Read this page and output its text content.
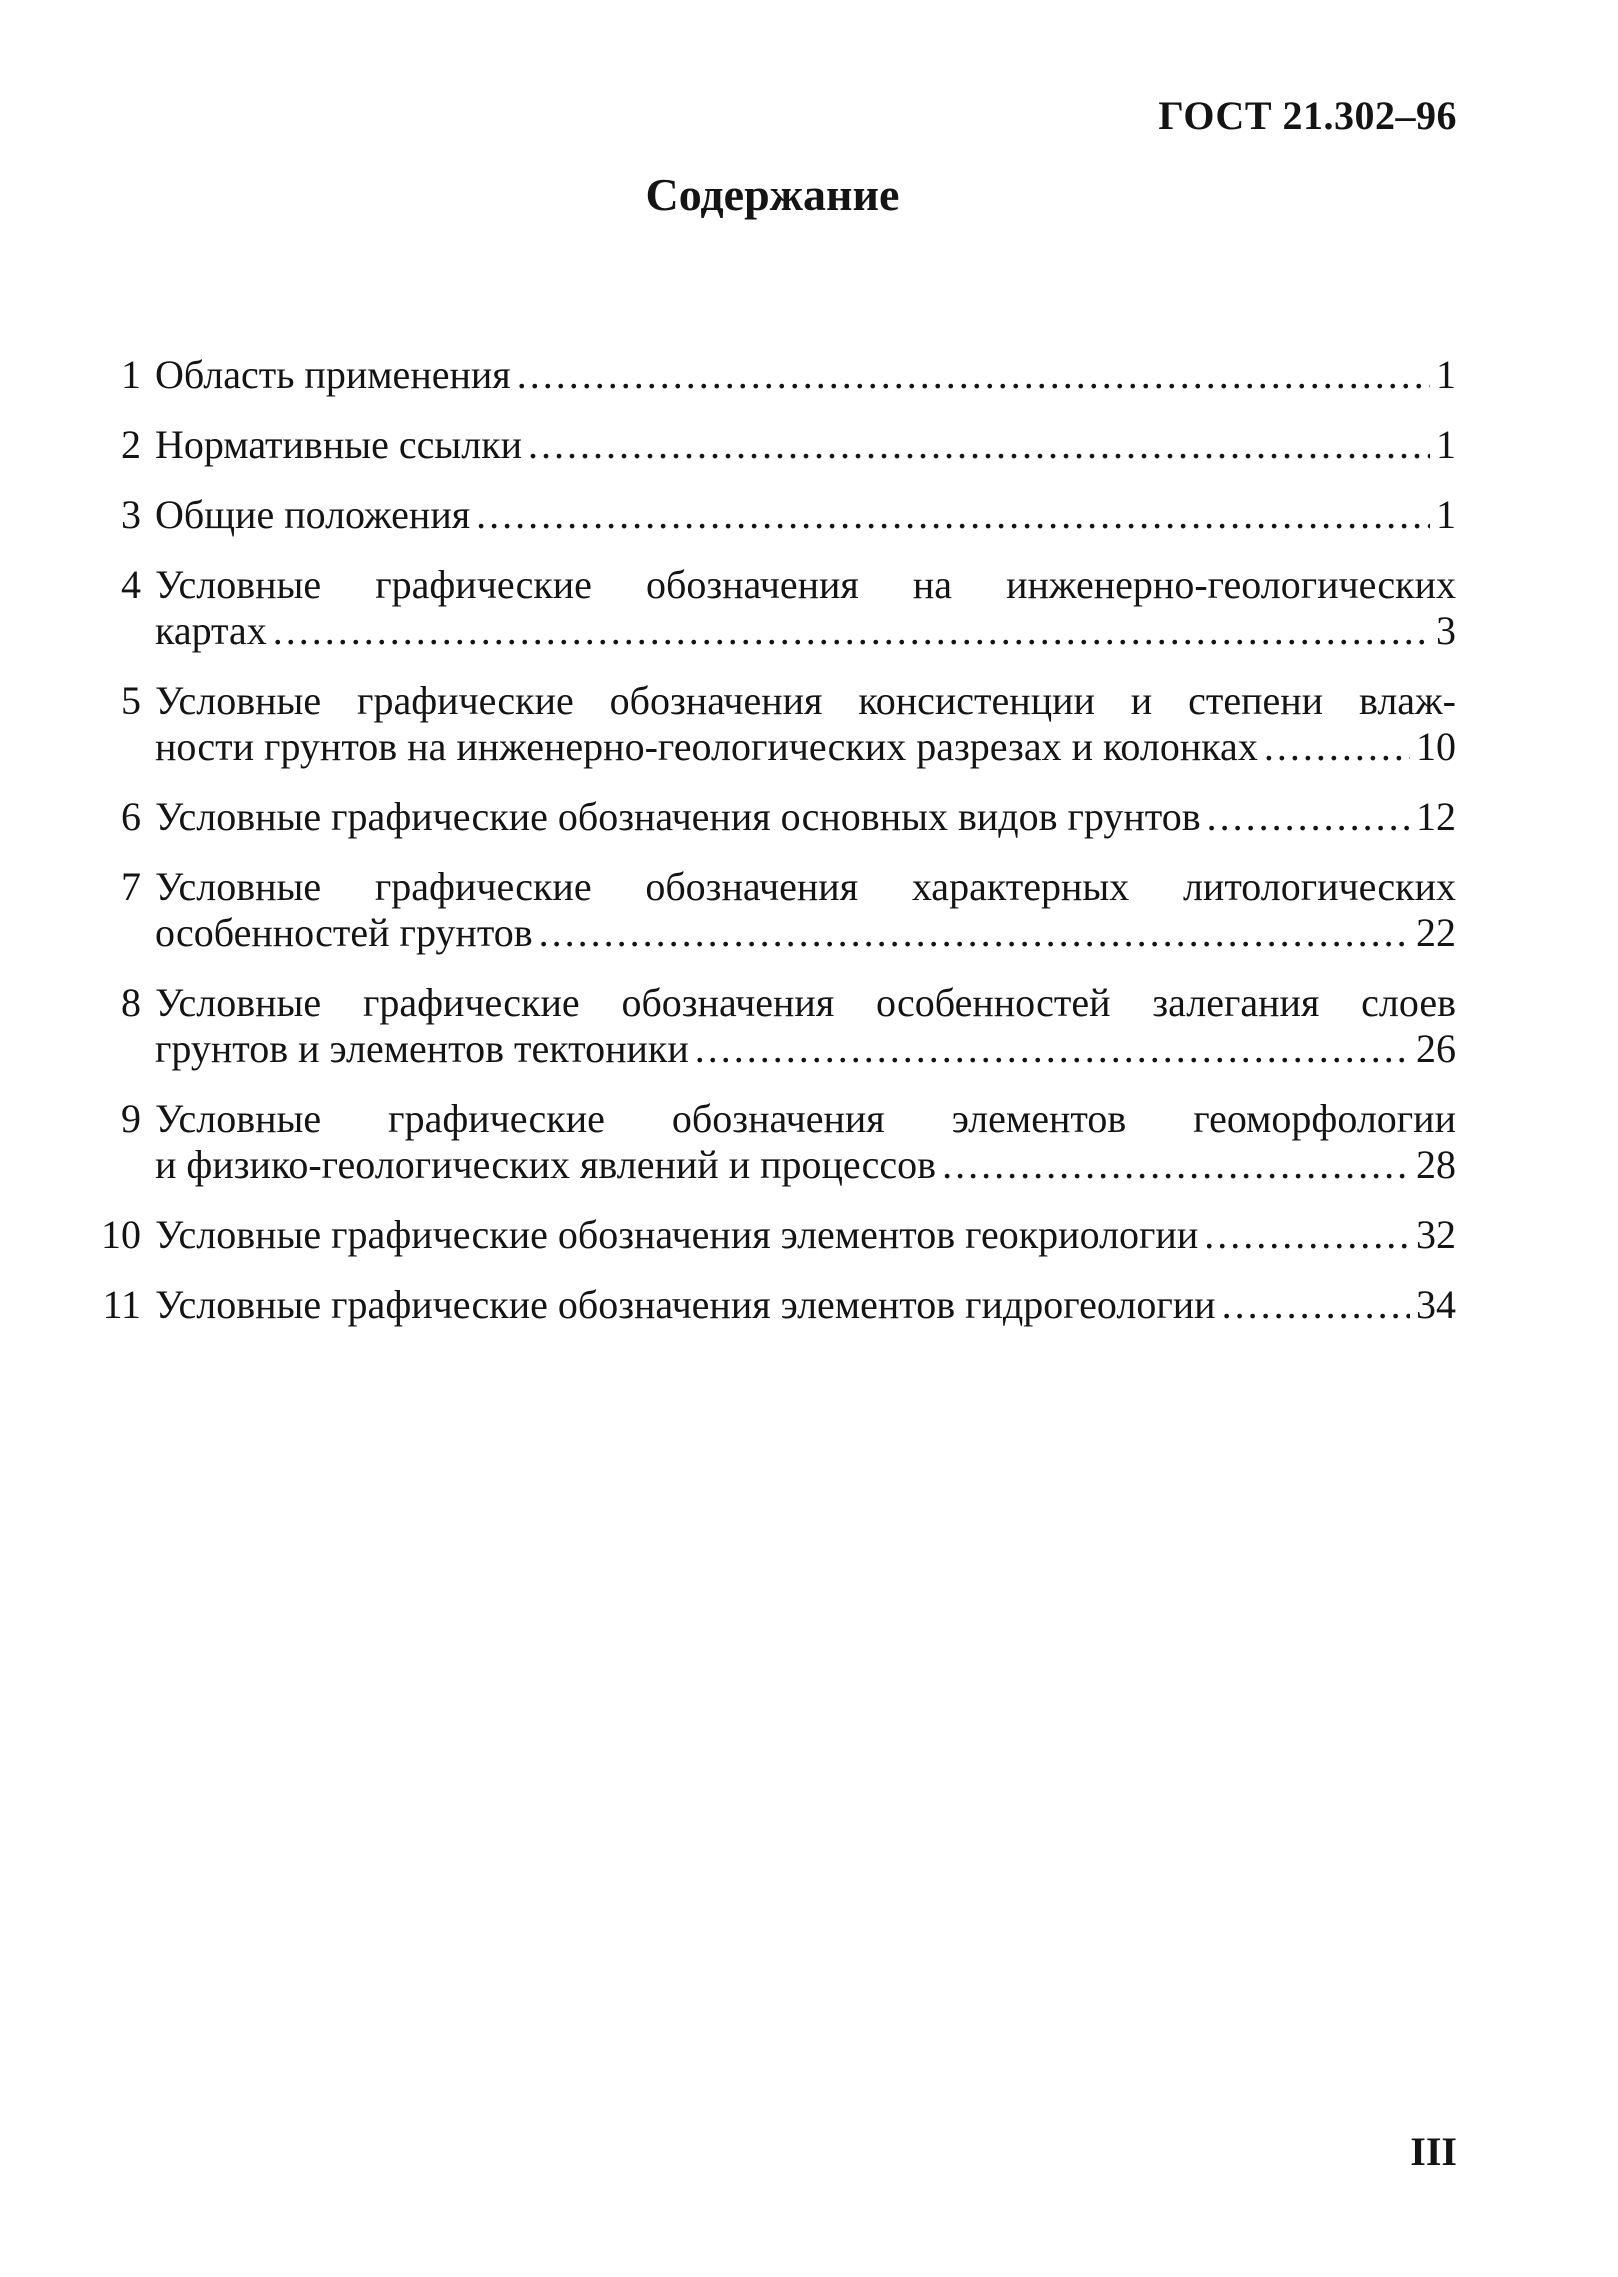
ГОСТ 21.302–96
Содержание
1 Область применения .....	1
2 Нормативные ссылки .....	1
3 Общие положения .....	1
4 Условные графические обозначения на инженерно-геологических
картах .....	3
5 Условные графические обозначения консистенции и степени влаж-
ности грунтов на инженерно-геологических разрезах и колонках .....	10
6 Условные графические обозначения основных видов грунтов .....	12
7 Условные графические обозначения характерных литологических
особенностей грунтов .....	22
8 Условные графические обозначения особенностей залегания слоев
грунтов и элементов тектоники .....	26
9 Условные графические обозначения элементов геоморфологии
и физико-геологических явлений и процессов .....	28
10 Условные графические обозначения элементов геокриологии .....	32
11 Условные графические обозначения элементов гидрогеологии .....	34
III
